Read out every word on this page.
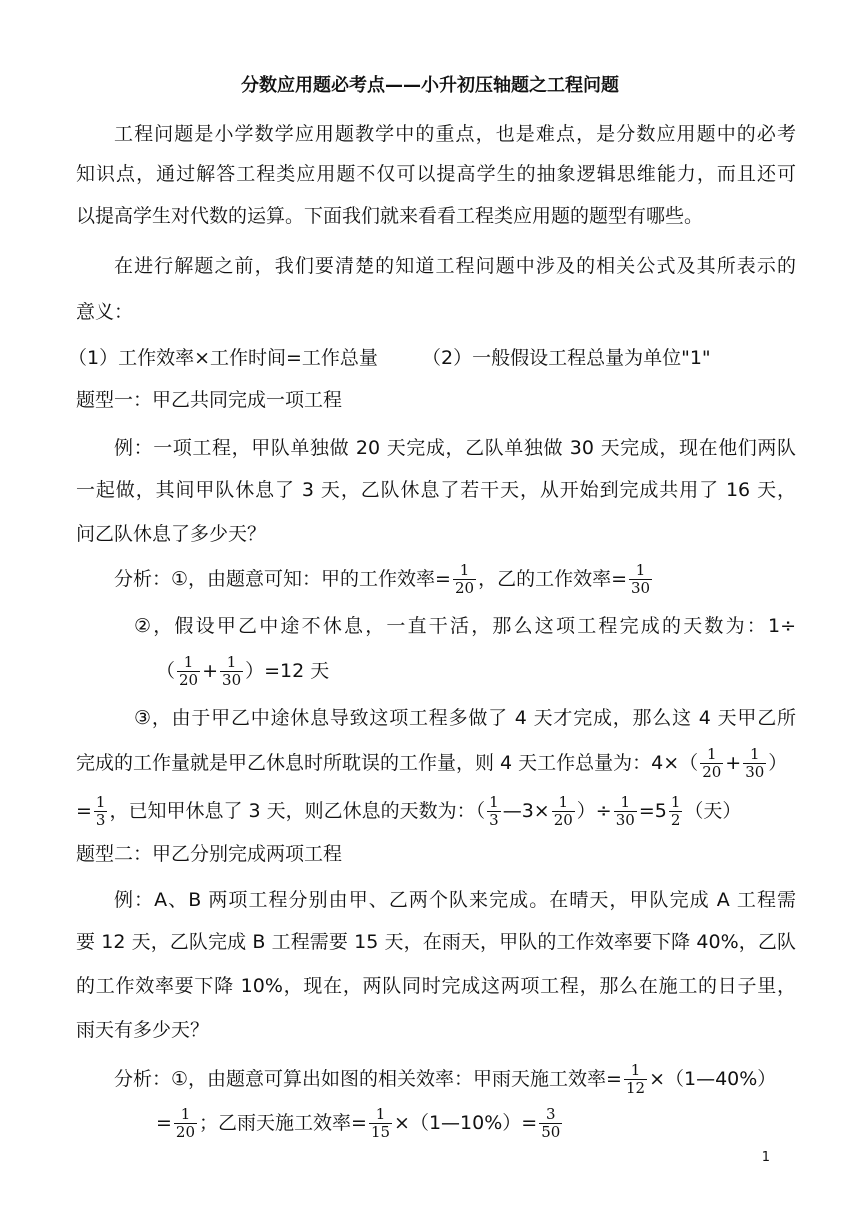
分数应用题必考点——小升初压轴题之工程问题
工程问题是小学数学应用题教学中的重点，也是难点，是分数应用题中的必考
知识点，通过解答工程类应用题不仅可以提高学生的抽象逻辑思维能力，而且还可
以提高学生对代数的运算。下面我们就来看看工程类应用题的题型有哪些。
在进行解题之前，我们要清楚的知道工程问题中涉及的相关公式及其所表示的
意义：
（1）工作效率×工作时间=工作总量 （2）一般假设工程总量为单位"1"
题型一：甲乙共同完成一项工程
例：一项工程，甲队单独做 20 天完成，乙队单独做 30 天完成，现在他们两队
一起做，其间甲队休息了 3 天，乙队休息了若干天，从开始到完成共用了 16 天，
问乙队休息了多少天？
分析：①，由题意可知：甲的工作效率= $\frac{1}{20}$ ，乙的工作效率= $\frac{1}{30}$
②，假设甲乙中途不休息，一直干活，那么这项工程完成的天数为：1÷
（ $\frac{1}{20} + \frac{1}{30} )=12$ 天
③，由于甲乙中途休息导致这项工程多做了 4 天才完成，那么这 4 天甲乙所
完成的工作量就是甲乙休息时所耽误的工作量，则 4 天工作总量为：$4\times( \frac{1}{20} + \frac{1}{30}$ ）
= $\frac{1}{3}$ ，已知甲休息了 3 天，则乙休息的天数为：（ $\frac{1}{3}$ —3× $\frac{1}{20}$ ）÷ $\frac{1}{30} =5 \frac{1}{2}$ （天）
题型二：甲乙分别完成两项工程
例：A、B 两项工程分别由甲、乙两个队来完成。在晴天，甲队完成 A 工程需
要 12 天，乙队完成 B 工程需要 15 天，在雨天，甲队的工作效率要下降 40%，乙队
的工作效率要下降 10%，现在，两队同时完成这两项工程，那么在施工的日子里，
雨天有多少天？
分析：①，由题意可算出如图的相关效率：甲雨天施工效率= $\frac{1}{12}$ ×（1—40%）
= $\frac{1}{20}$ ；乙雨天施工效率= $\frac{1}{15}$ ×（1—10%）= $\frac{3}{50}$
1
